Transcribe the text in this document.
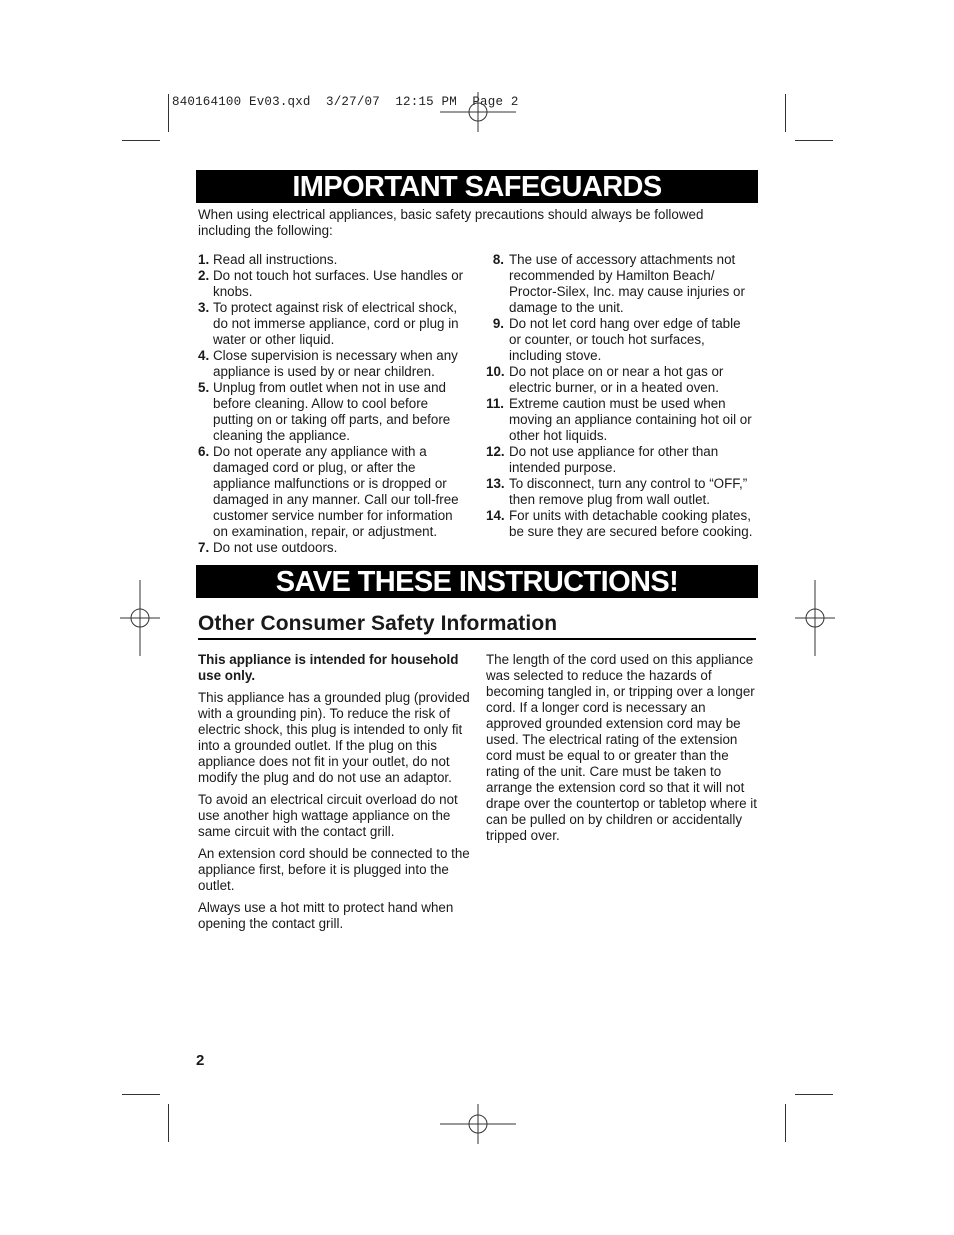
840164100 Ev03.qxd  3/27/07  12:15 PM  Page 2
IMPORTANT SAFEGUARDS
When using electrical appliances, basic safety precautions should always be followed including the following:
1. Read all instructions.
2. Do not touch hot surfaces. Use handles or knobs.
3. To protect against risk of electrical shock, do not immerse appliance, cord or plug in water or other liquid.
4. Close supervision is necessary when any appliance is used by or near children.
5. Unplug from outlet when not in use and before cleaning. Allow to cool before putting on or taking off parts, and before cleaning the appliance.
6. Do not operate any appliance with a damaged cord or plug, or after the appliance malfunctions or is dropped or damaged in any manner. Call our toll-free customer service number for information on examination, repair, or adjustment.
7. Do not use outdoors.
8. The use of accessory attachments not recommended by Hamilton Beach/ Proctor-Silex, Inc. may cause injuries or damage to the unit.
9. Do not let cord hang over edge of table or counter, or touch hot surfaces, including stove.
10. Do not place on or near a hot gas or electric burner, or in a heated oven.
11. Extreme caution must be used when moving an appliance containing hot oil or other hot liquids.
12. Do not use appliance for other than intended purpose.
13. To disconnect, turn any control to “OFF,” then remove plug from wall outlet.
14. For units with detachable cooking plates, be sure they are secured before cooking.
SAVE THESE INSTRUCTIONS!
Other Consumer Safety Information

This appliance is intended for household use only.

This appliance has a grounded plug (provided with a grounding pin). To reduce the risk of electric shock, this plug is intended to only fit into a grounded outlet. If the plug on this appliance does not fit in your outlet, do not modify the plug and do not use an adaptor.

To avoid an electrical circuit overload do not use another high wattage appliance on the same circuit with the contact grill.

An extension cord should be connected to the appliance first, before it is plugged into the outlet.

Always use a hot mitt to protect hand when opening the contact grill.

The length of the cord used on this appliance was selected to reduce the hazards of becoming tangled in, or tripping over a longer cord. If a longer cord is necessary an approved grounded extension cord may be used. The electrical rating of the extension cord must be equal to or greater than the rating of the unit. Care must be taken to arrange the extension cord so that it will not drape over the countertop or tabletop where it can be pulled on by children or accidentally tripped over.

2
